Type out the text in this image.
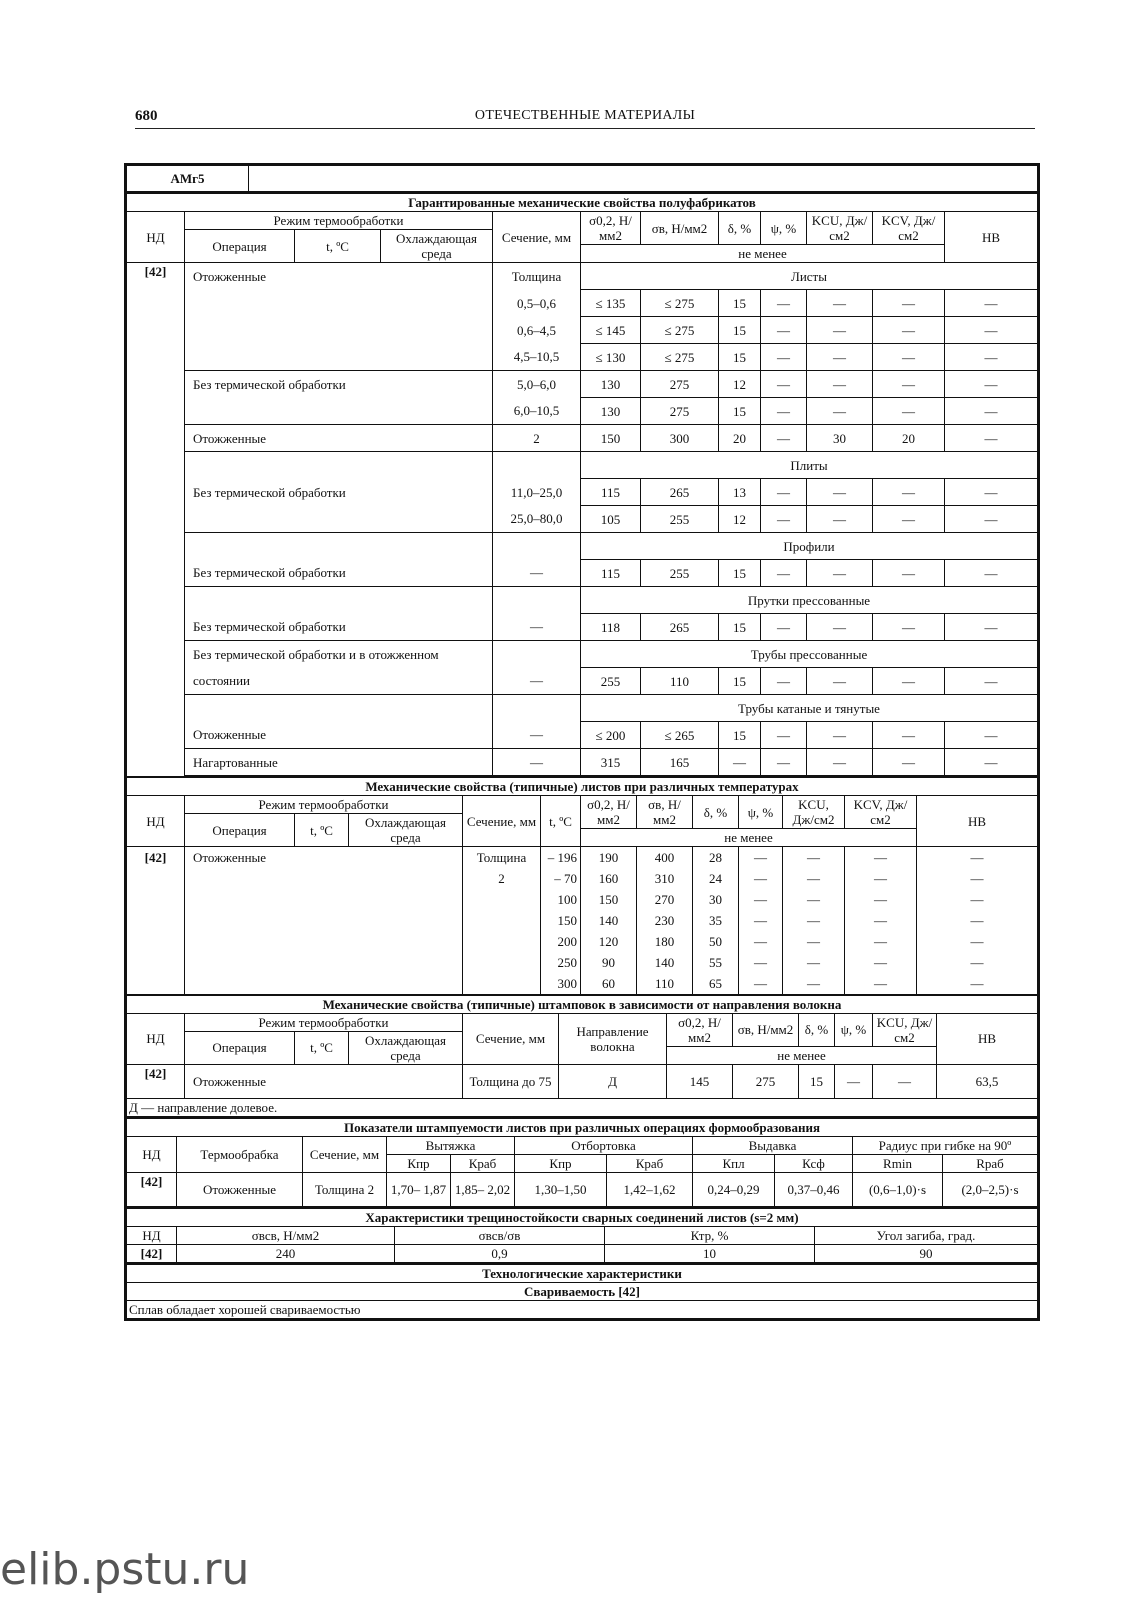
680	ОТЕЧЕСТВЕННЫЕ МАТЕРИАЛЫ
АМг5	
Гарантированные механические свойства полуфабрикатов											
НД	Режим термообработки			Сечение, мм	σ0,2, Н/мм2	σв, Н/мм2	δ, %	ψ, %	KCU, Дж/см2	KCV, Дж/см2	HB
	Операция	t, ºC	Охлаждающая среда								
					не менее						
[42]	Отожженные			Толщина	Листы						
				0,5–0,6	≤ 135	≤ 275	15	—	—	—	—
				0,6–4,5	≤ 145	≤ 275	15	—	—	—	—
				4,5–10,5	≤ 130	≤ 275	15	—	—	—	—
	Без термической обработки			5,0–6,0	130	275	12	—	—	—	—
				6,0–10,5	130	275	15	—	—	—	—
	Отожженные			2	150	300	20	—	30	20	—
					Плиты						
	Без термической обработки			11,0–25,0	115	265	13	—	—	—	—
				25,0–80,0	105	255	12	—	—	—	—
					Профили						
	Без термической обработки			—	115	255	15	—	—	—	—
					Прутки прессованные						
	Без термической обработки			—	118	265	15	—	—	—	—
	Без термической обработки и в отожженном				Трубы прессованные						
	состоянии			—	255	110	15	—	—	—	—
					Трубы катаные и тянутые						
	Отожженные			—	≤ 200	≤ 265	15	—	—	—	—
	Нагартованные			—	315	165	—	—	—	—	—
Механические свойства (типичные) листов при различных температурах												
НД	Режим термообработки			Сечение, мм	t, ºC	σ0,2, Н/мм2	σв, Н/мм2	δ, %	ψ, %	KCU, Дж/см2	KCV, Дж/см2	HB
	Операция	t, ºC	Охлаждающая среда									
						не менее						
[42]	Отожженные			Толщина	– 196	190	400	28	—	—	—	—
				2	– 70	160	310	24	—	—	—	—
					100	150	270	30	—	—	—	—
					150	140	230	35	—	—	—	—
					200	120	180	50	—	—	—	—
					250	90	140	55	—	—	—	—
					300	60	110	65	—	—	—	—
Механические свойства (типичные) штамповок в зависимости от направления волокна											
НД	Режим термообработки			Сечение, мм	Направление волокна	σ0,2, Н/мм2	σв, Н/мм2	δ, %	ψ, %	KCU, Дж/см2	HB
	Операция	t, ºC	Охлаждающая среда								
						не менее					
[42]	Отожженные			Толщина до 75	Д	145	275	15	—	—	63,5
Д — направление долевое.											
Показатели штампуемости листов при различных операциях формообразования										
НД	Термообрабка	Сечение, мм	Вытяжка		Отбортовка		Выдавка		Радиус при гибке на 90º	
			Кпр	Краб	Кпр	Краб	Кпл	Ксф	Rmin	Rраб
[42]	Отожженные	Толщина 2	1,70– 1,87	1,85– 2,02	1,30–1,50	1,42–1,62	0,24–0,29	0,37–0,46	(0,6–1,0)·s	(2,0–2,5)·s
Характеристики трещиностойкости сварных соединений листов (s=2 мм)				
НД	σвсв, Н/мм2	σвсв/σв	Ктр, %	Угол загиба, град.
[42]	240	0,9	10	90
Технологические характеристики
Свариваемость [42]
Сплав обладает хорошей свариваемостью
elib.pstu.ru
